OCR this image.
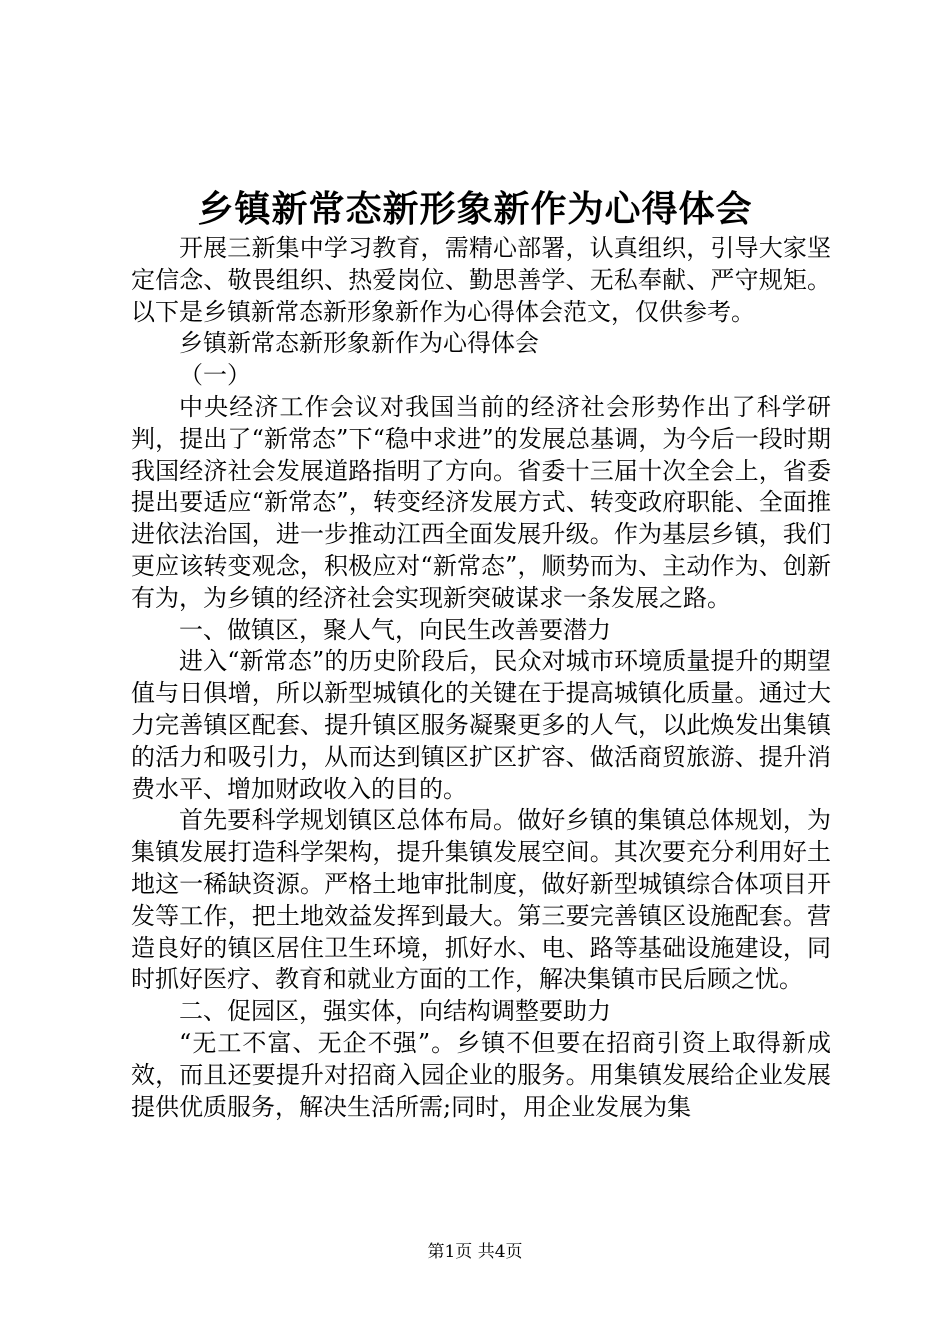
乡镇新常态新形象新作为心得体会

开展三新集中学习教育，需精心部署，认真组织，引导大家坚定信念、敬畏组织、热爱岗位、勤思善学、无私奉献、严守规矩。以下是乡镇新常态新形象新作为心得体会范文，仅供参考。

乡镇新常态新形象新作为心得体会

（一）

中央经济工作会议对我国当前的经济社会形势作出了科学研判，提出了“新常态”下“稳中求进”的发展总基调，为今后一段时期我国经济社会发展道路指明了方向。省委十三届十次全会上，省委提出要适应“新常态”，转变经济发展方式、转变政府职能、全面推进依法治国，进一步推动江西全面发展升级。作为基层乡镇，我们更应该转变观念，积极应对“新常态”，顺势而为、主动作为、创新有为，为乡镇的经济社会实现新突破谋求一条发展之路。

一、做镇区，聚人气，向民生改善要潜力

进入“新常态”的历史阶段后，民众对城市环境质量提升的期望值与日俱增，所以新型城镇化的关键在于提高城镇化质量。通过大力完善镇区配套、提升镇区服务凝聚更多的人气，以此焕发出集镇的活力和吸引力，从而达到镇区扩区扩容、做活商贸旅游、提升消费水平、增加财政收入的目的。

首先要科学规划镇区总体布局。做好乡镇的集镇总体规划，为集镇发展打造科学架构，提升集镇发展空间。其次要充分利用好土地这一稀缺资源。严格土地审批制度，做好新型城镇综合体项目开发等工作，把土地效益发挥到最大。第三要完善镇区设施配套。营造良好的镇区居住卫生环境，抓好水、电、路等基础设施建设，同时抓好医疗、教育和就业方面的工作，解决集镇市民后顾之忧。

二、促园区，强实体，向结构调整要助力

“无工不富、无企不强”。乡镇不但要在招商引资上取得新成效，而且还要提升对招商入园企业的服务。用集镇发展给企业发展提供优质服务，解决生活所需;同时，用企业发展为集

第1页 共4页
